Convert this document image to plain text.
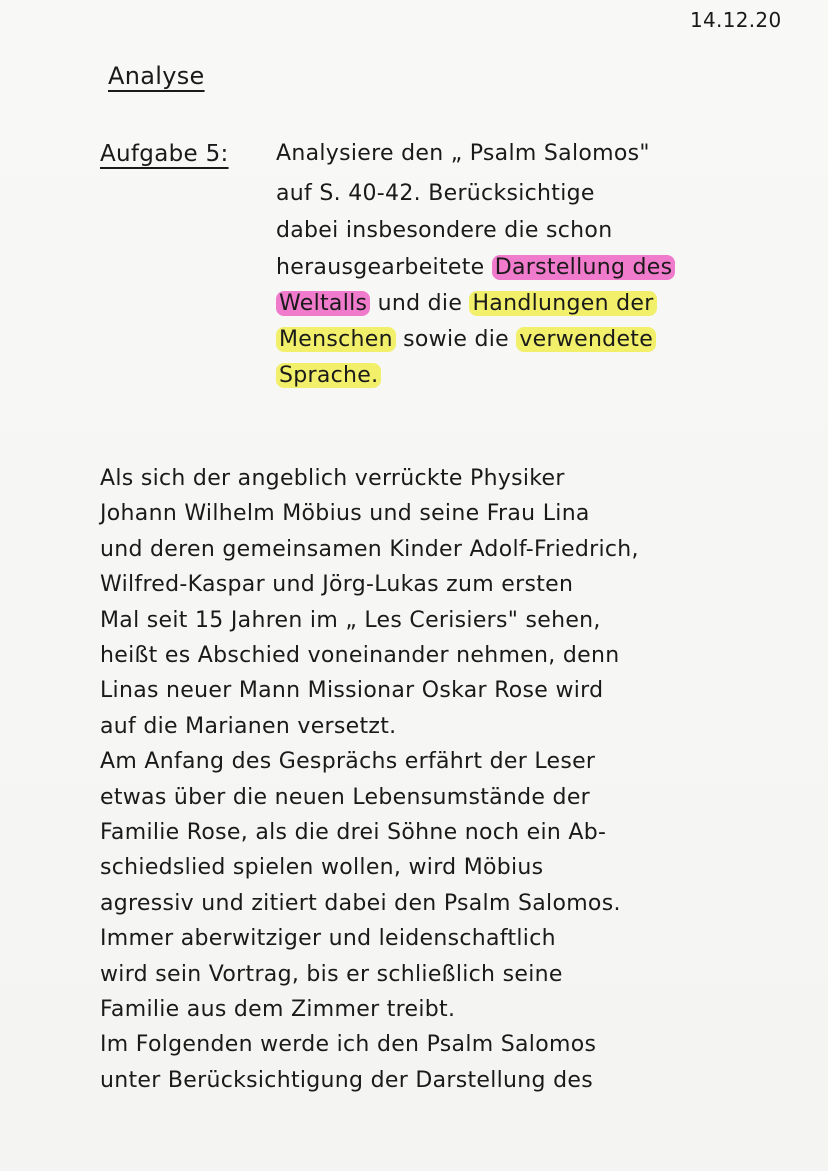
14.12.20
Analyse
Aufgabe 5: Analysiere den „ Psalm Salomos"
auf S. 40-42. Berücksichtige
dabei insbesondere die schon
herausgearbeitete Darstellung des
Weltalls und die Handlungen der
Menschen sowie die verwendete
Sprache.
Als sich der angeblich verrückte Physiker
Johann Wilhelm Möbius und seine Frau Lina
und deren gemeinsamen Kinder Adolf-Friedrich,
Wilfred-Kaspar und Jörg-Lukas zum ersten
Mal seit 15 Jahren im „ Les Cerisiers" sehen,
heißt es Abschied voneinander nehmen, denn
Linas neuer Mann Missionar Oskar Rose wird
auf die Marianen versetzt.
Am Anfang des Gesprächs erfährt der Leser
etwas über die neuen Lebensumstände der
Familie Rose, als die drei Söhne noch ein Ab-
schiedslied spielen wollen, wird Möbius
agressiv und zitiert dabei den Psalm Salomos.
Immer aberwitziger und leidenschaftlich
wird sein Vortrag, bis er schließlich seine
Familie aus dem Zimmer treibt.
Im Folgenden werde ich den Psalm Salomos
unter Berücksichtigung der Darstellung des
